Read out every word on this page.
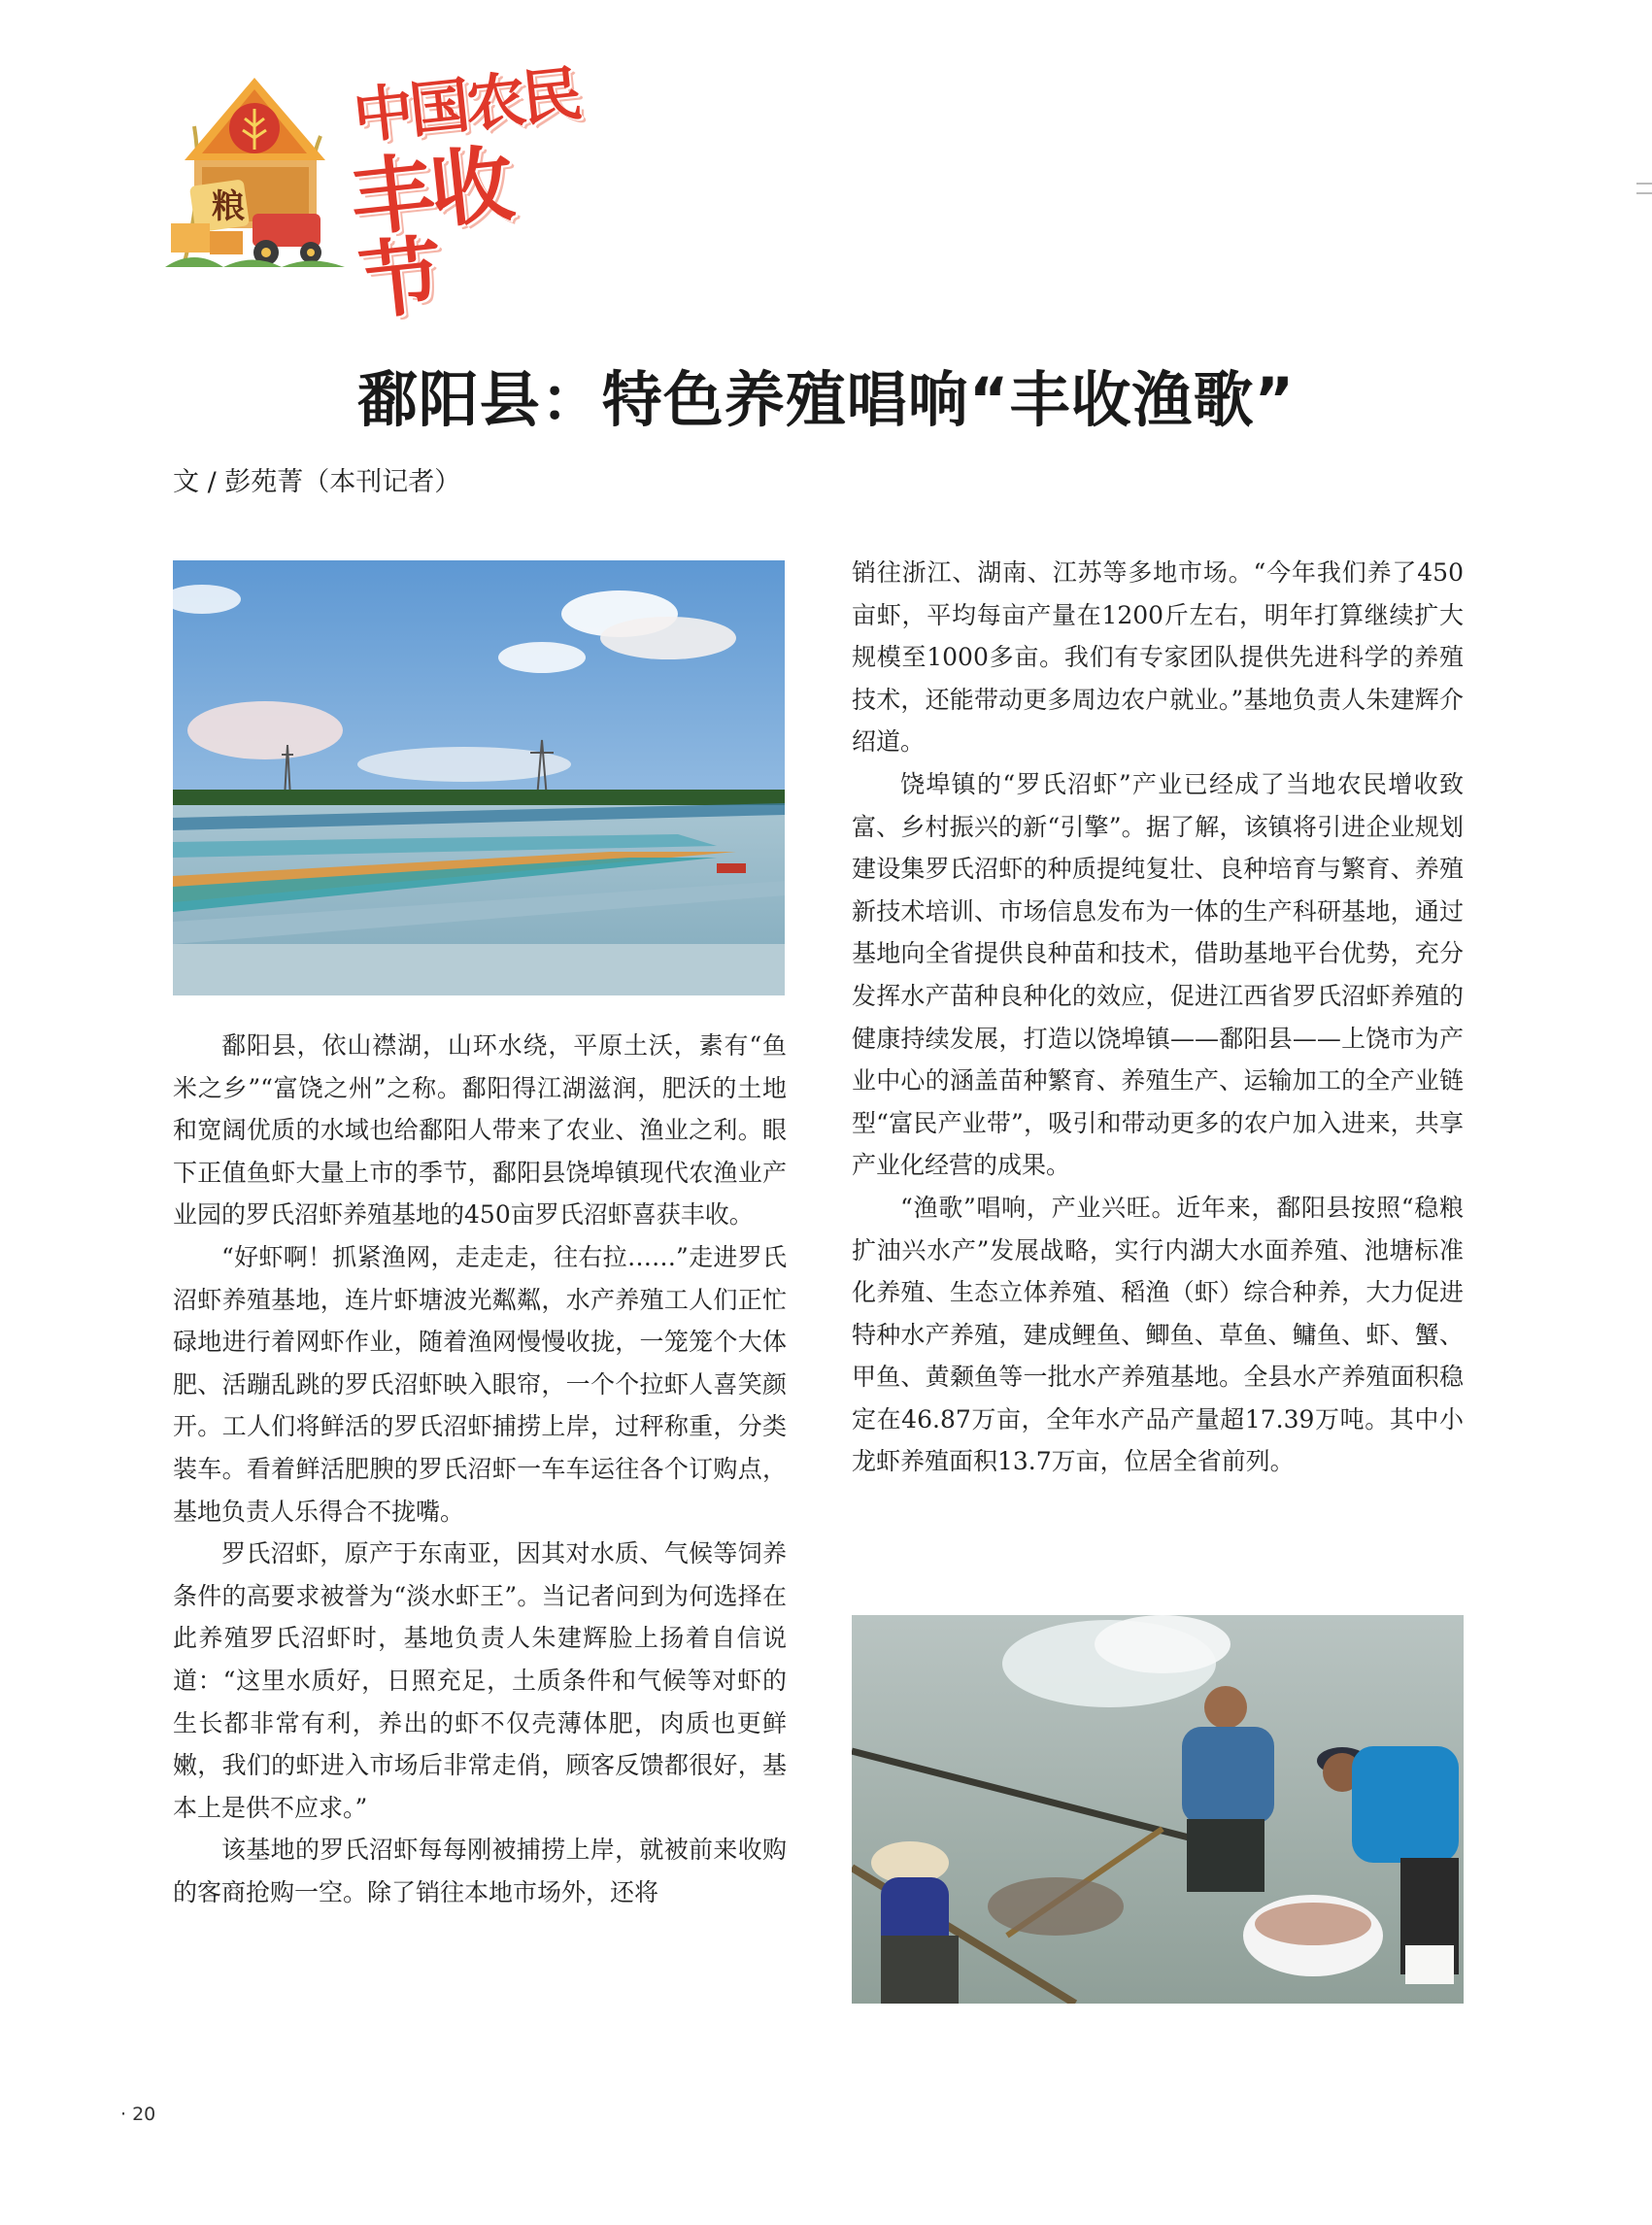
粮
中国农民
丰收节
鄱阳县：特色养殖唱响“丰收渔歌”
文 / 彭苑菁（本刊记者）

鄱阳县，依山襟湖，山环水绕，平原土沃，素有“鱼米之乡”“富饶之州”之称。鄱阳得江湖滋润，肥沃的土地和宽阔优质的水域也给鄱阳人带来了农业、渔业之利。眼下正值鱼虾大量上市的季节，鄱阳县饶埠镇现代农渔业产业园的罗氏沼虾养殖基地的450亩罗氏沼虾喜获丰收。

“好虾啊！抓紧渔网，走走走，往右拉……”走进罗氏沼虾养殖基地，连片虾塘波光粼粼，水产养殖工人们正忙碌地进行着网虾作业，随着渔网慢慢收拢，一笼笼个大体肥、活蹦乱跳的罗氏沼虾映入眼帘，一个个拉虾人喜笑颜开。工人们将鲜活的罗氏沼虾捕捞上岸，过秤称重，分类装车。看着鲜活肥腴的罗氏沼虾一车车运往各个订购点，基地负责人乐得合不拢嘴。

罗氏沼虾，原产于东南亚，因其对水质、气候等饲养条件的高要求被誉为“淡水虾王”。当记者问到为何选择在此养殖罗氏沼虾时，基地负责人朱建辉脸上扬着自信说道：“这里水质好，日照充足，土质条件和气候等对虾的生长都非常有利，养出的虾不仅壳薄体肥，肉质也更鲜嫩，我们的虾进入市场后非常走俏，顾客反馈都很好，基本上是供不应求。”

该基地的罗氏沼虾每每刚被捕捞上岸，就被前来收购的客商抢购一空。除了销往本地市场外，还将

销往浙江、湖南、江苏等多地市场。“今年我们养了450亩虾，平均每亩产量在1200斤左右，明年打算继续扩大规模至1000多亩。我们有专家团队提供先进科学的养殖技术，还能带动更多周边农户就业。”基地负责人朱建辉介绍道。

饶埠镇的“罗氏沼虾”产业已经成了当地农民增收致富、乡村振兴的新“引擎”。据了解，该镇将引进企业规划建设集罗氏沼虾的种质提纯复壮、良种培育与繁育、养殖新技术培训、市场信息发布为一体的生产科研基地，通过基地向全省提供良种苗和技术，借助基地平台优势，充分发挥水产苗种良种化的效应，促进江西省罗氏沼虾养殖的健康持续发展，打造以饶埠镇——鄱阳县——上饶市为产业中心的涵盖苗种繁育、养殖生产、运输加工的全产业链型“富民产业带”，吸引和带动更多的农户加入进来，共享产业化经营的成果。

“渔歌”唱响，产业兴旺。近年来，鄱阳县按照“稳粮扩油兴水产”发展战略，实行内湖大水面养殖、池塘标准化养殖、生态立体养殖、稻渔（虾）综合种养，大力促进特种水产养殖，建成鲤鱼、鲫鱼、草鱼、鳙鱼、虾、蟹、甲鱼、黄颡鱼等一批水产养殖基地。全县水产养殖面积稳定在46.87万亩，全年水产品产量超17.39万吨。其中小龙虾养殖面积13.7万亩，位居全省前列。

· 20
